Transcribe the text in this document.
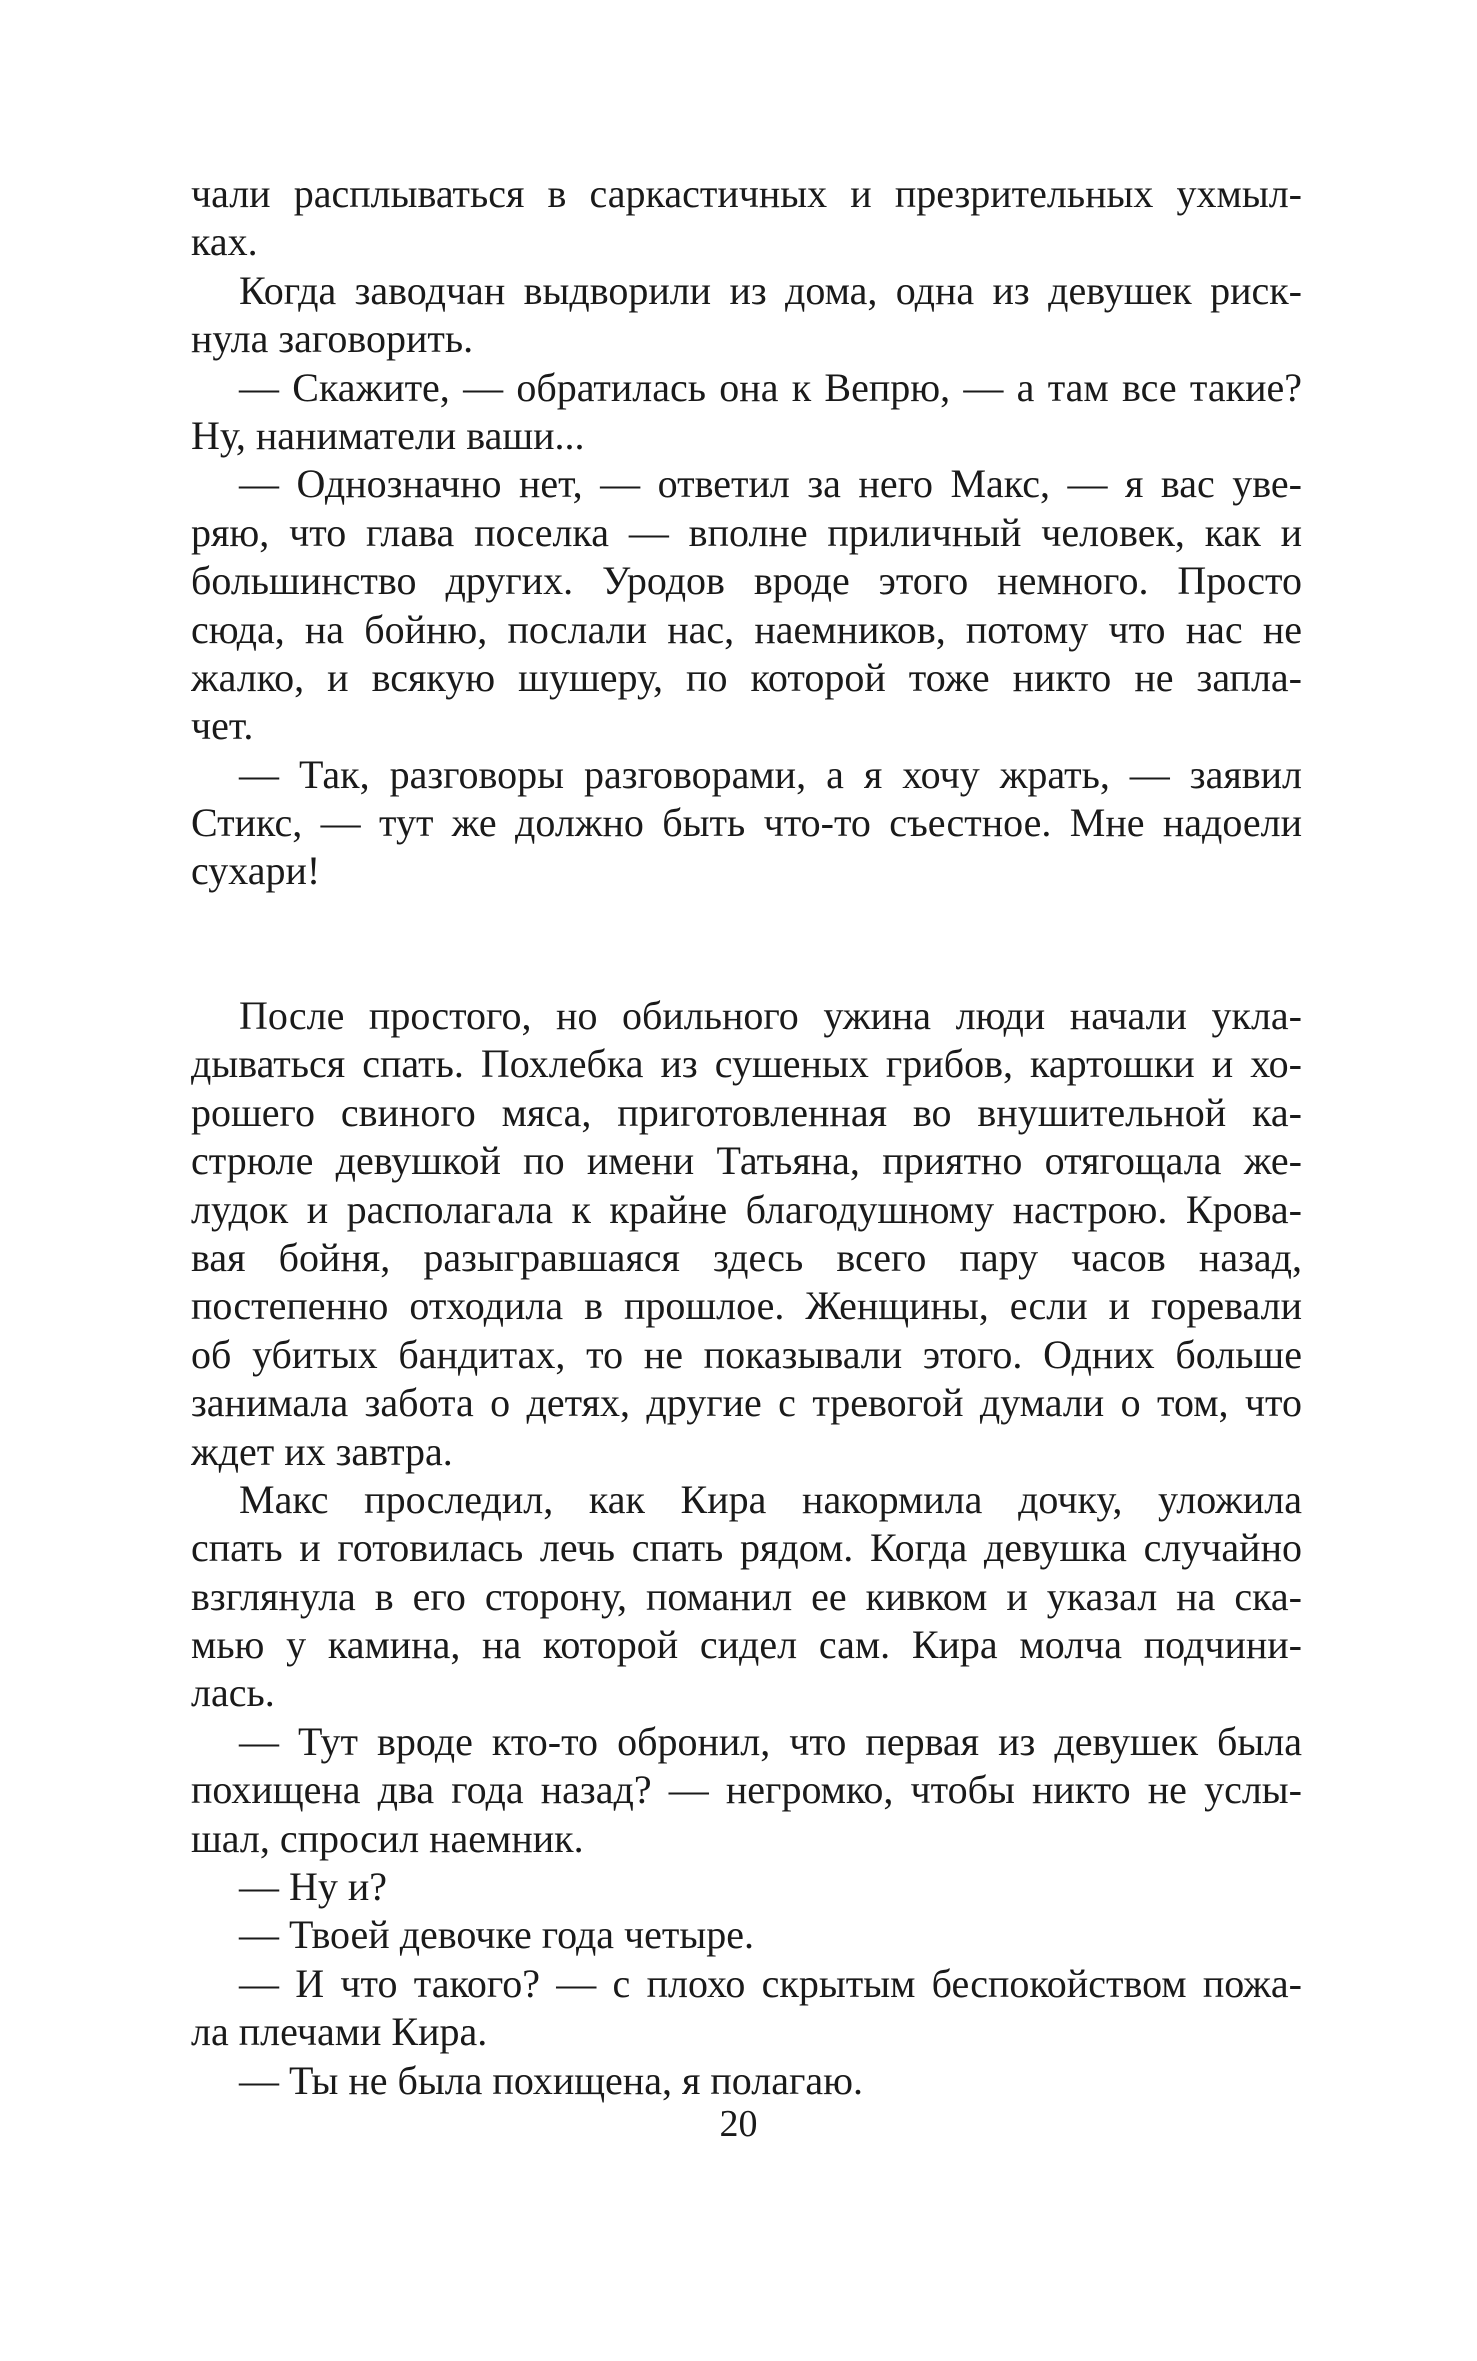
чали расплываться в саркастичных и презрительных ухмыл-
ках.
Когда заводчан выдворили из дома, одна из девушек риск-
нула заговорить.
— Скажите, — обратилась она к Вепрю, — а там все такие?
Ну, наниматели ваши...
— Однозначно нет, — ответил за него Макс, — я вас уве-
ряю, что глава поселка — вполне приличный человек, как и
большинство других. Уродов вроде этого немного. Просто
сюда, на бойню, послали нас, наемников, потому что нас не
жалко, и всякую шушеру, по которой тоже никто не запла-
чет.
— Так, разговоры разговорами, а я хочу жрать, — заявил
Стикс, — тут же должно быть что-то съестное. Мне надоели
сухари!
После простого, но обильного ужина люди начали укла-
дываться спать. Похлебка из сушеных грибов, картошки и хо-
рошего свиного мяса, приготовленная во внушительной ка-
стрюле девушкой по имени Татьяна, приятно отягощала же-
лудок и располагала к крайне благодушному настрою. Крова-
вая бойня, разыгравшаяся здесь всего пару часов назад,
постепенно отходила в прошлое. Женщины, если и горевали
об убитых бандитах, то не показывали этого. Одних больше
занимала забота о детях, другие с тревогой думали о том, что
ждет их завтра.
Макс проследил, как Кира накормила дочку, уложила
спать и готовилась лечь спать рядом. Когда девушка случайно
взглянула в его сторону, поманил ее кивком и указал на ска-
мью у камина, на которой сидел сам. Кира молча подчини-
лась.
— Тут вроде кто-то обронил, что первая из девушек была
похищена два года назад? — негромко, чтобы никто не услы-
шал, спросил наемник.
— Ну и?
— Твоей девочке года четыре.
— И что такого? — с плохо скрытым беспокойством пожа-
ла плечами Кира.
— Ты не была похищена, я полагаю.
20
